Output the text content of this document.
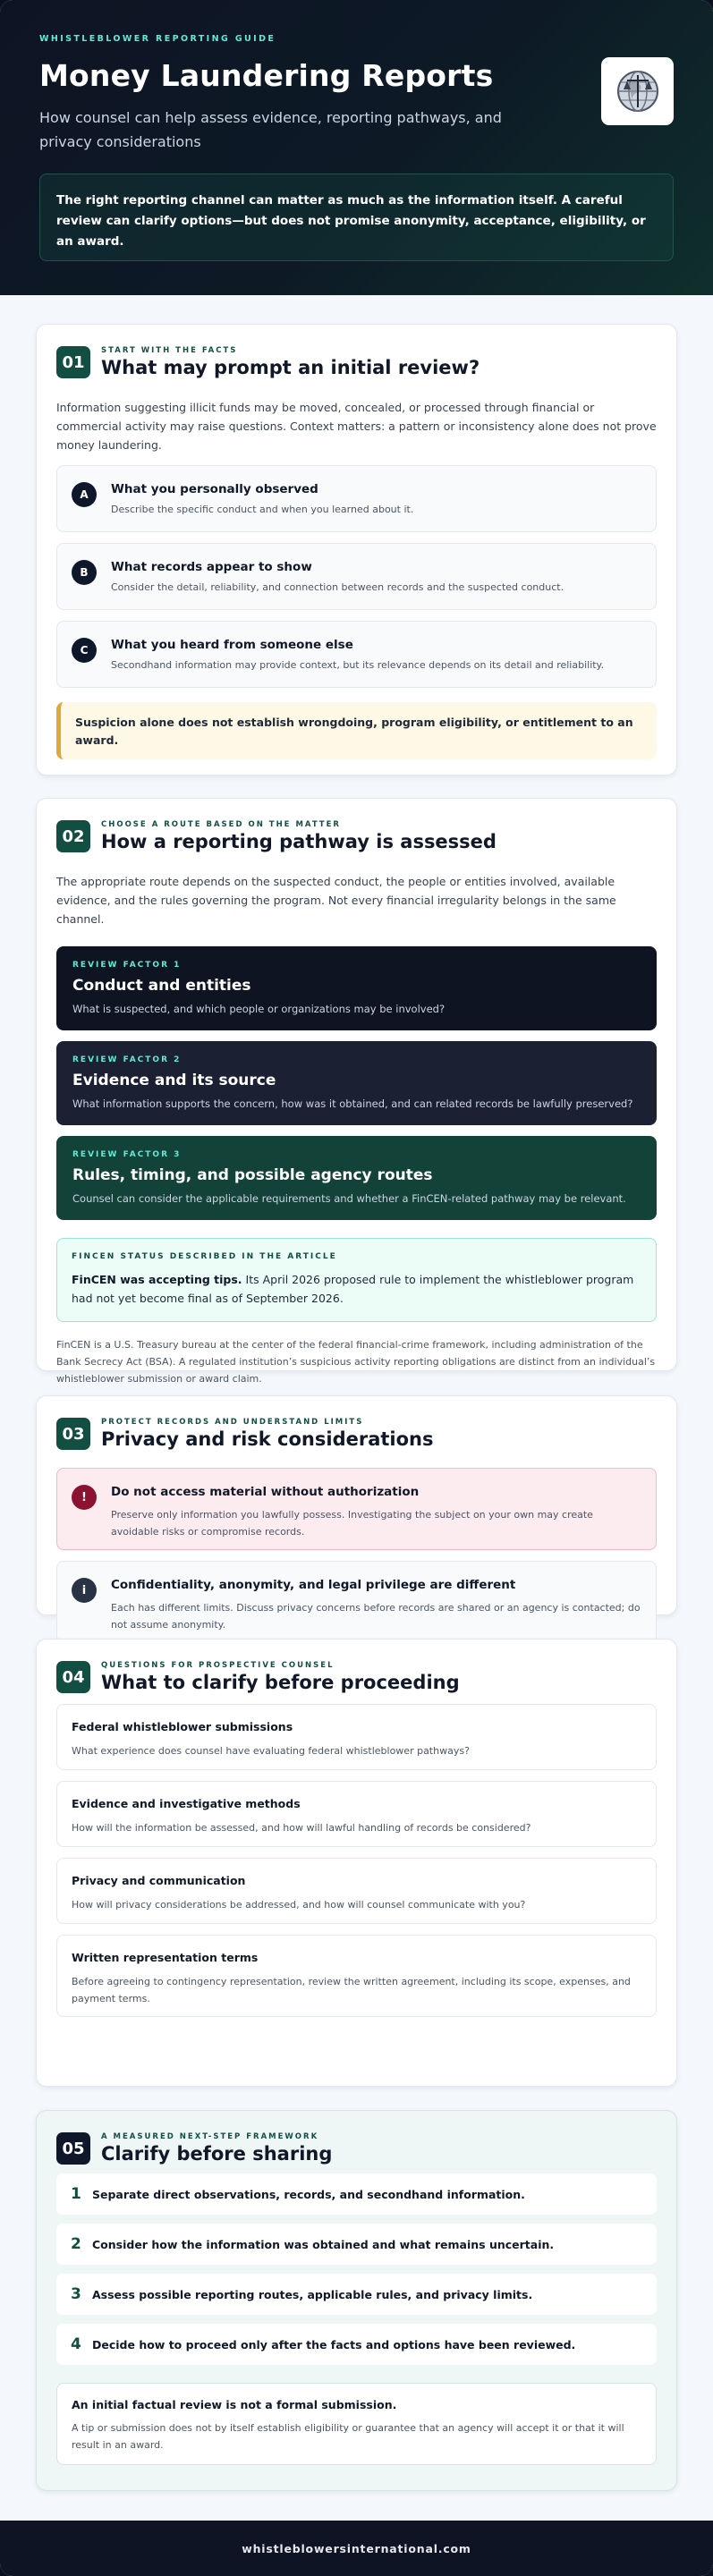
WHISTLEBLOWER REPORTING GUIDE
Money Laundering Reports

How counsel can help assess evidence, reporting pathways, and privacy considerations

The right reporting channel can matter as much as the information itself. A careful review can clarify options—but does not promise anonymity, acceptance, eligibility, or an award.
01
START WITH THE FACTS
What may prompt an initial review?

Information suggesting illicit funds may be moved, concealed, or processed through financial or commercial activity may raise questions. Context matters: a pattern or inconsistency alone does not prove money laundering.

A	What you personally observed
Describe the specific conduct and when you learned about it.
B	What records appear to show
Consider the detail, reliability, and connection between records and the suspected conduct.
C	What you heard from someone else
Secondhand information may provide context, but its relevance depends on its detail and reliability.
Suspicion alone does not establish wrongdoing, program eligibility, or entitlement to an award.
02
CHOOSE A ROUTE BASED ON THE MATTER
How a reporting pathway is assessed

The appropriate route depends on the suspected conduct, the people or entities involved, available evidence, and the rules governing the program. Not every financial irregularity belongs in the same channel.

REVIEW FACTOR 1
Conduct and entities
What is suspected, and which people or organizations may be involved?
REVIEW FACTOR 2
Evidence and its source
What information supports the concern, how was it obtained, and can related records be lawfully preserved?
REVIEW FACTOR 3
Rules, timing, and possible agency routes
Counsel can consider the applicable requirements and whether a FinCEN-related pathway may be relevant.
FINCEN STATUS DESCRIBED IN THE ARTICLE

FinCEN was accepting tips. Its April 2026 proposed rule to implement the whistleblower program had not yet become final as of September 2026.

FinCEN is a U.S. Treasury bureau at the center of the federal financial-crime framework, including administration of the Bank Secrecy Act (BSA). A regulated institution’s suspicious activity reporting obligations are distinct from an individual’s whistleblower submission or award claim.

03
PROTECT RECORDS AND UNDERSTAND LIMITS
Privacy and risk considerations
!	Do not access material without authorization
Preserve only information you lawfully possess. Investigating the subject on your own may create avoidable risks or compromise records.
i	Confidentiality, anonymity, and legal privilege are different
Each has different limits. Discuss privacy concerns before records are shared or an agency is contacted; do not assume anonymity.
04
QUESTIONS FOR PROSPECTIVE COUNSEL
What to clarify before proceeding
Federal whistleblower submissions
What experience does counsel have evaluating federal whistleblower pathways?
Evidence and investigative methods
How will the information be assessed, and how will lawful handling of records be considered?
Privacy and communication
How will privacy considerations be addressed, and how will counsel communicate with you?
Written representation terms
Before agreeing to contingency representation, review the written agreement, including its scope, expenses, and payment terms.
05
A MEASURED NEXT-STEP FRAMEWORK
Clarify before sharing
1 Separate direct observations, records, and secondhand information.
2 Consider how the information was obtained and what remains uncertain.
3 Assess possible reporting routes, applicable rules, and privacy limits.
4 Decide how to proceed only after the facts and options have been reviewed.
An initial factual review is not a formal submission.
A tip or submission does not by itself establish eligibility or guarantee that an agency will accept it or that it will result in an award.
whistleblowersinternational.com
